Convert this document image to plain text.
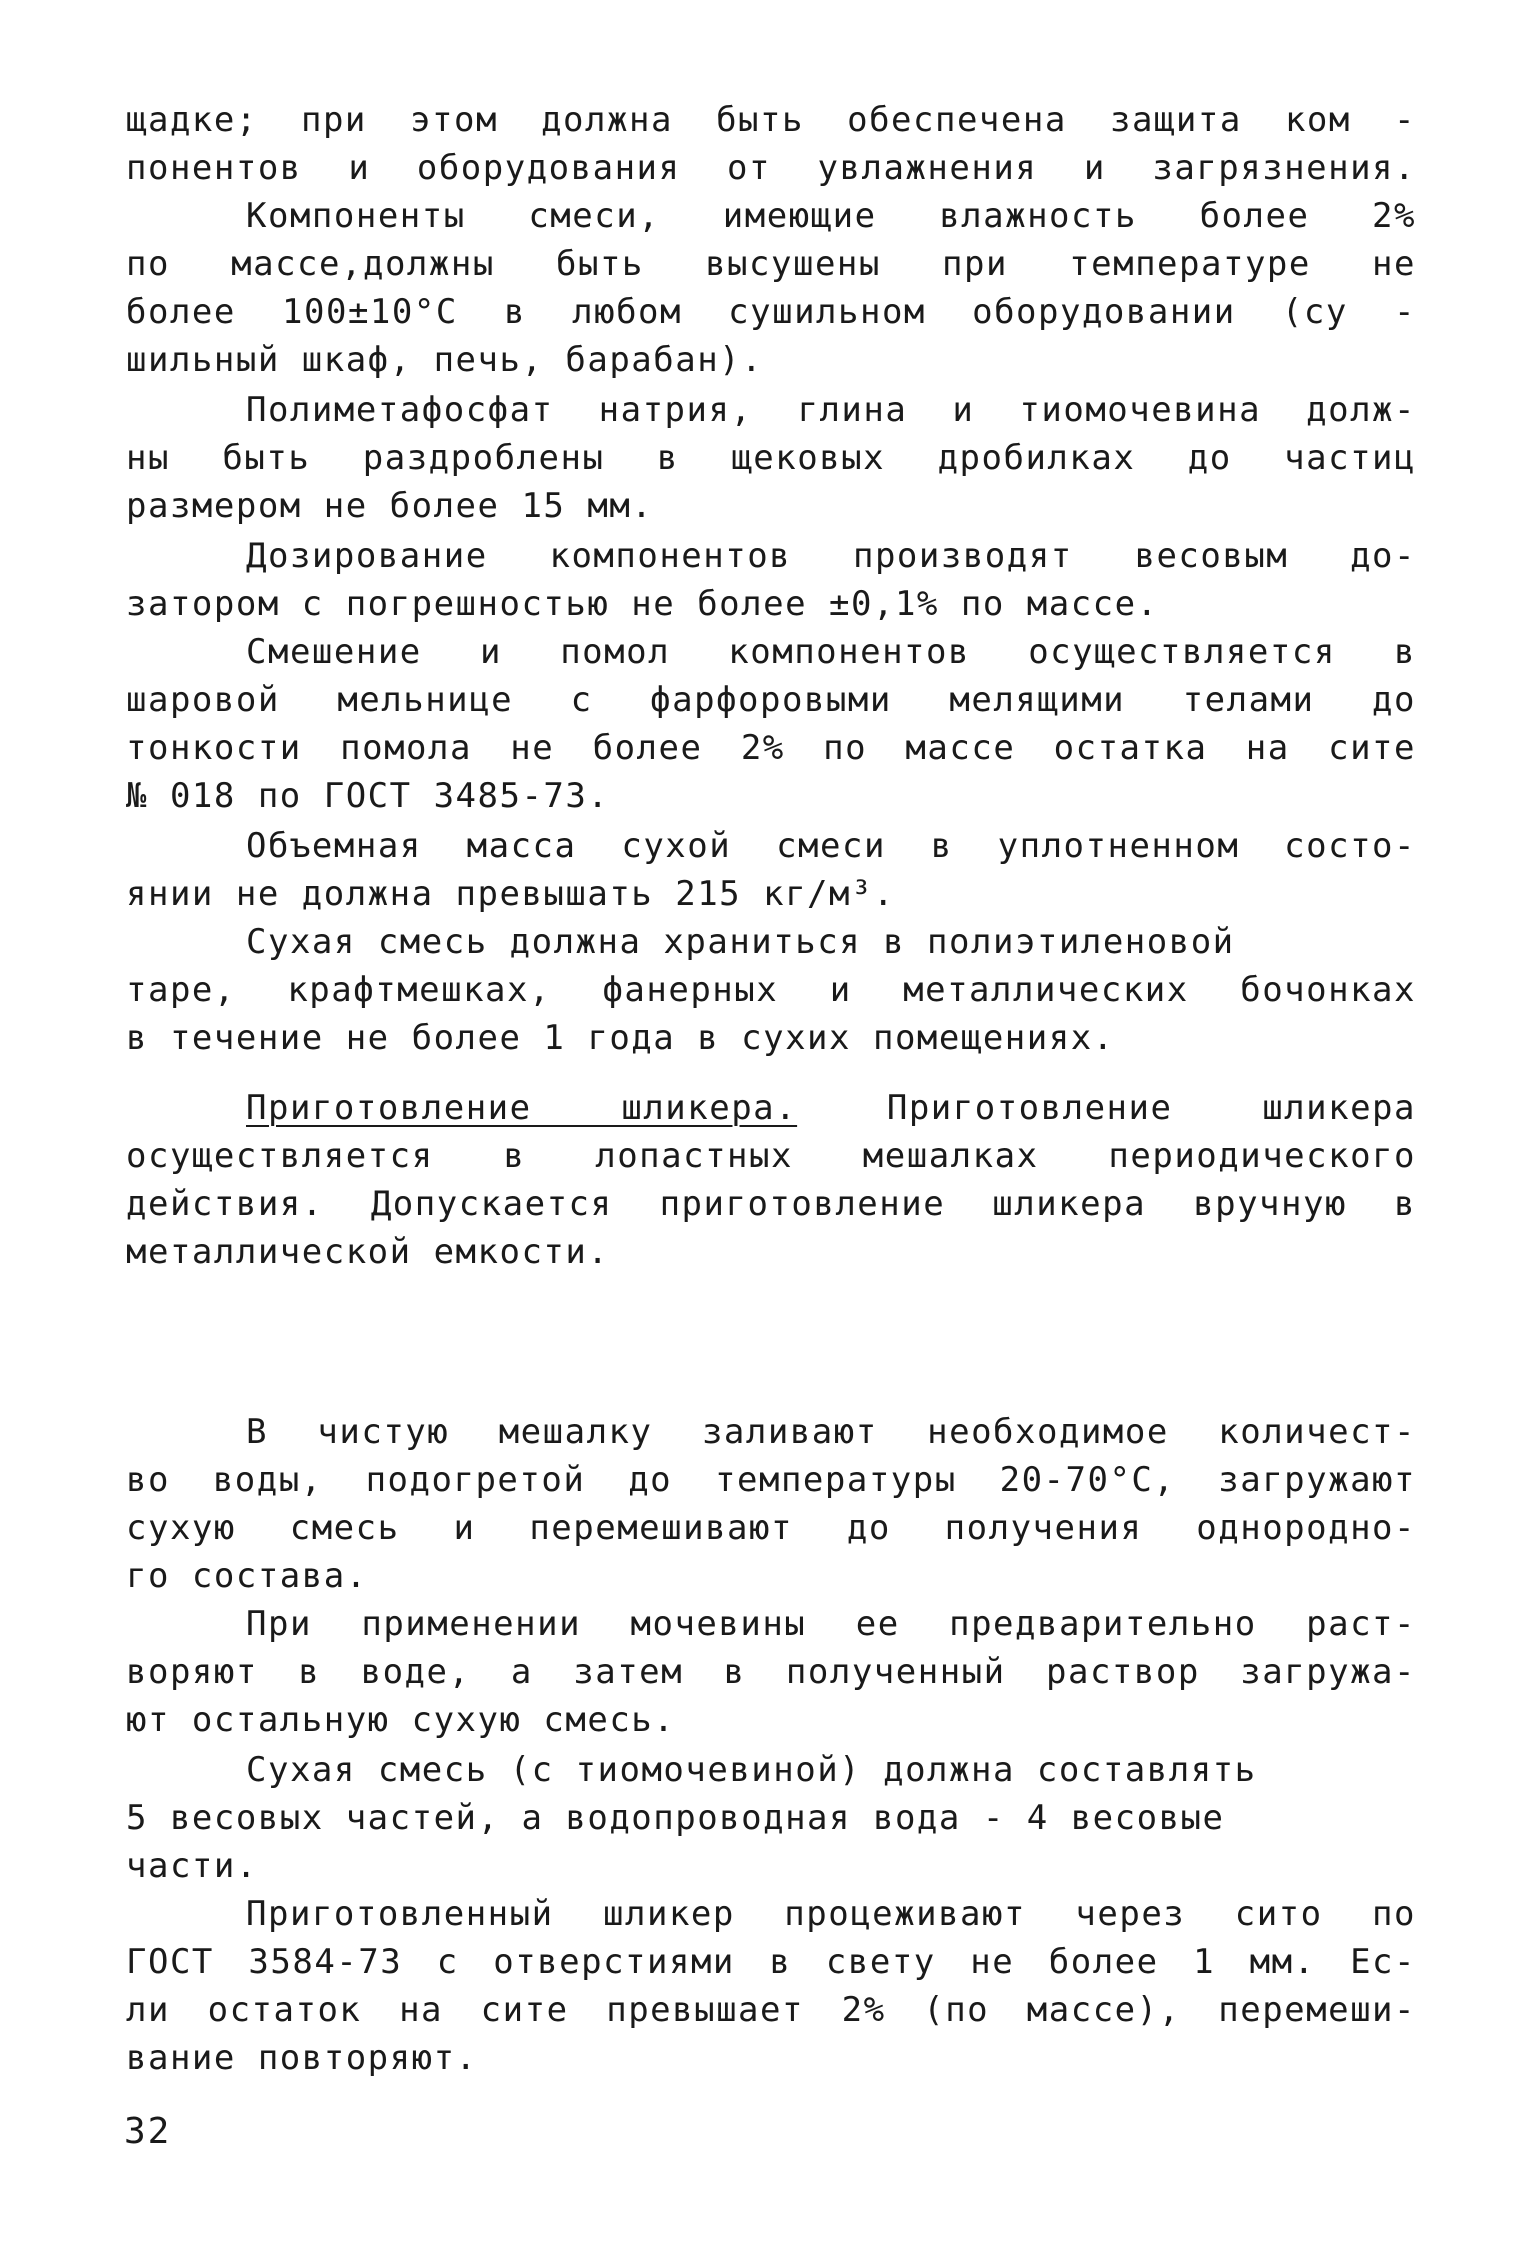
щадке; при этом должна быть обеспечена защита ком -
понентов и оборудования от увлажнения и загрязнения.
Компоненты смеси, имеющие влажность более 2%
по массе,должны быть высушены при температуре не
более 100±10°С в любом сушильном оборудовании (су -
шильный шкаф, печь, барабан).
Полиметафосфат натрия, глина и тиомочевина долж-
ны быть раздроблены в щековых дробилках до частиц
размером не более 15 мм.
Дозирование компонентов производят весовым до-
затором с погрешностью не более ±0,1% по массе.
Смешение и помол компонентов осуществляется в
шаровой мельнице с фарфоровыми мелящими телами до
тонкости помола не более 2% по массе остатка на сите
№ 018 по ГОСТ 3485-73.
Объемная масса сухой смеси в уплотненном состо-
янии не должна превышать 215 кг/м³.
Сухая смесь должна храниться в полиэтиленовой
таре, крафтмешках, фанерных и металлических бочонках
в течение не более 1 года в сухих помещениях.
Приготовление шликера.	Приготовление шликера
осуществляется в лопастных мешалках периодического
действия. Допускается приготовление шликера вручную в
металлической емкости.
В чистую мешалку заливают необходимое количест-
во воды, подогретой до температуры 20-70°С, загружают
сухую смесь и перемешивают до получения однородно-
го состава.
При применении мочевины ее предварительно раст-
воряют в воде, а затем в полученный раствор загружа-
ют остальную сухую смесь.
Сухая смесь (с тиомочевиной) должна составлять
5 весовых частей, а водопроводная вода - 4 весовые
части.
Приготовленный шликер процеживают через сито по
ГОСТ 3584-73 с отверстиями в свету не более 1 мм. Ес-
ли остаток на сите превышает 2% (по массе), перемеши-
вание повторяют.
32
